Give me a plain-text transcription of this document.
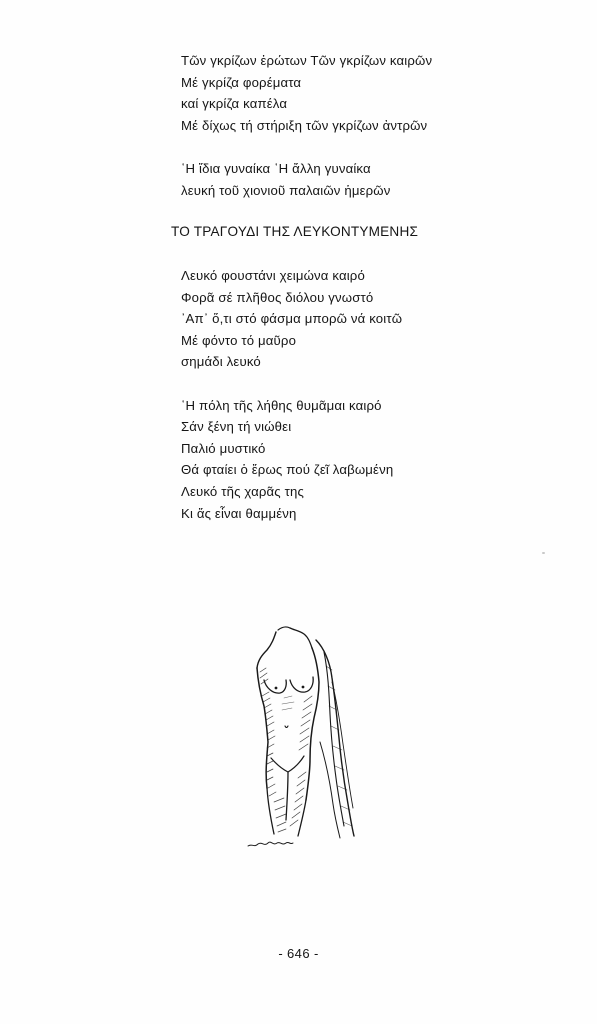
Τῶν γκρίζων ἐρώτων Τῶν γκρίζων καιρῶν
Μέ γκρίζα φορέματα
καί γκρίζα καπέλα
Μέ δίχως τή στήριξη τῶν γκρίζων ἀντρῶν
῾Η ἴδια γυναίκα ῾Η ἄλλη γυναίκα
λευκή τοῦ χιονιοῦ παλαιῶν ἡμερῶν
ΤΟ ΤΡΑΓΟΥΔΙ ΤΗΣ ΛΕΥΚΟΝΤΥΜΕΝΗΣ
Λευκό φουστάνι χειμώνα καιρό
Φορᾶ σέ πλῆθος διόλου γνωστό
᾿Απ᾿ ὅ,τι στό φάσμα μπορῶ νά κοιτῶ
Μέ φόντο τό μαῦρο
σημάδι λευκό
῾Η πόλη τῆς λήθης θυμᾶμαι καιρό
Σάν ξένη τή νιώθει
Παλιό μυστικό
Θά φταίει ὁ ἔρως πού ζεῖ λαβωμένη
Λευκό τῆς χαρᾶς της
Κι ἄς εἶναι θαμμένη
- 646 -
